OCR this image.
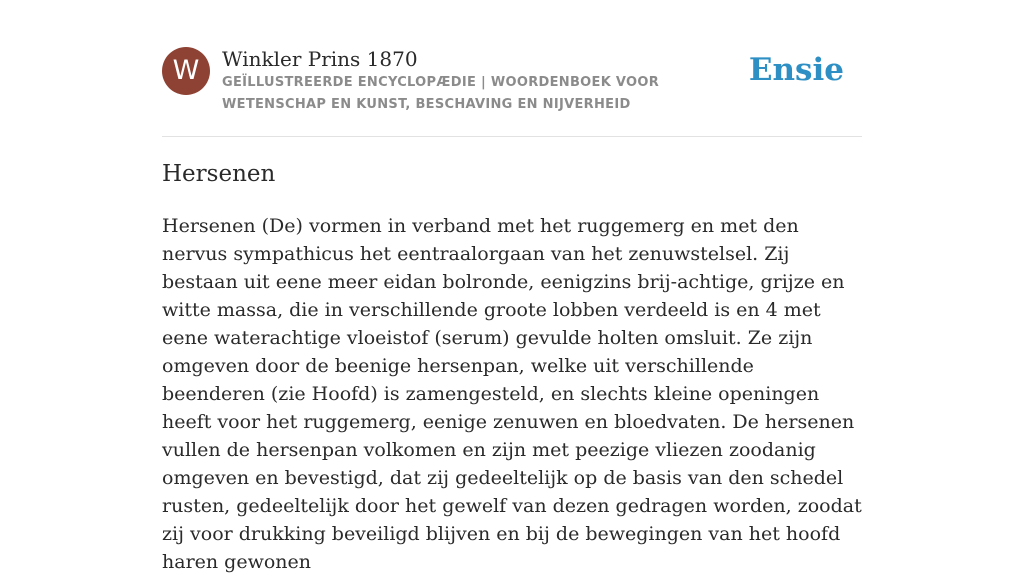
W	Winkler Prins 1870
GEÏLLUSTREERDE ENCYCLOPÆDIE | WOORDENBOEK VOOR WETENSCHAP EN KUNST, BESCHAVING EN NIJVERHEID
Ensie
Hersenen

Hersenen (De) vormen in verband met het ruggemerg en met den nervus sympathicus het eentraalorgaan van het zenuwstelsel. Zij bestaan uit eene meer eidan bolronde, eenigzins brij-achtige, grijze en witte massa, die in verschillende groote lobben verdeeld is en 4 met eene waterachtige vloeistof (serum) gevulde holten omsluit. Ze zijn omgeven door de beenige hersenpan, welke uit verschillende beenderen (zie Hoofd) is zamengesteld, en slechts kleine openingen heeft voor het ruggemerg, eenige zenuwen en bloedvaten. De hersenen vullen de hersenpan volkomen en zijn met peezige vliezen zoodanig omgeven en bevestigd, dat zij gedeeltelijk op de basis van den schedel rusten, gedeeltelijk door het gewelf van dezen gedragen worden, zoodat zij voor drukking beveiligd blijven en bij de bewegingen van het hoofd haren gewonen
